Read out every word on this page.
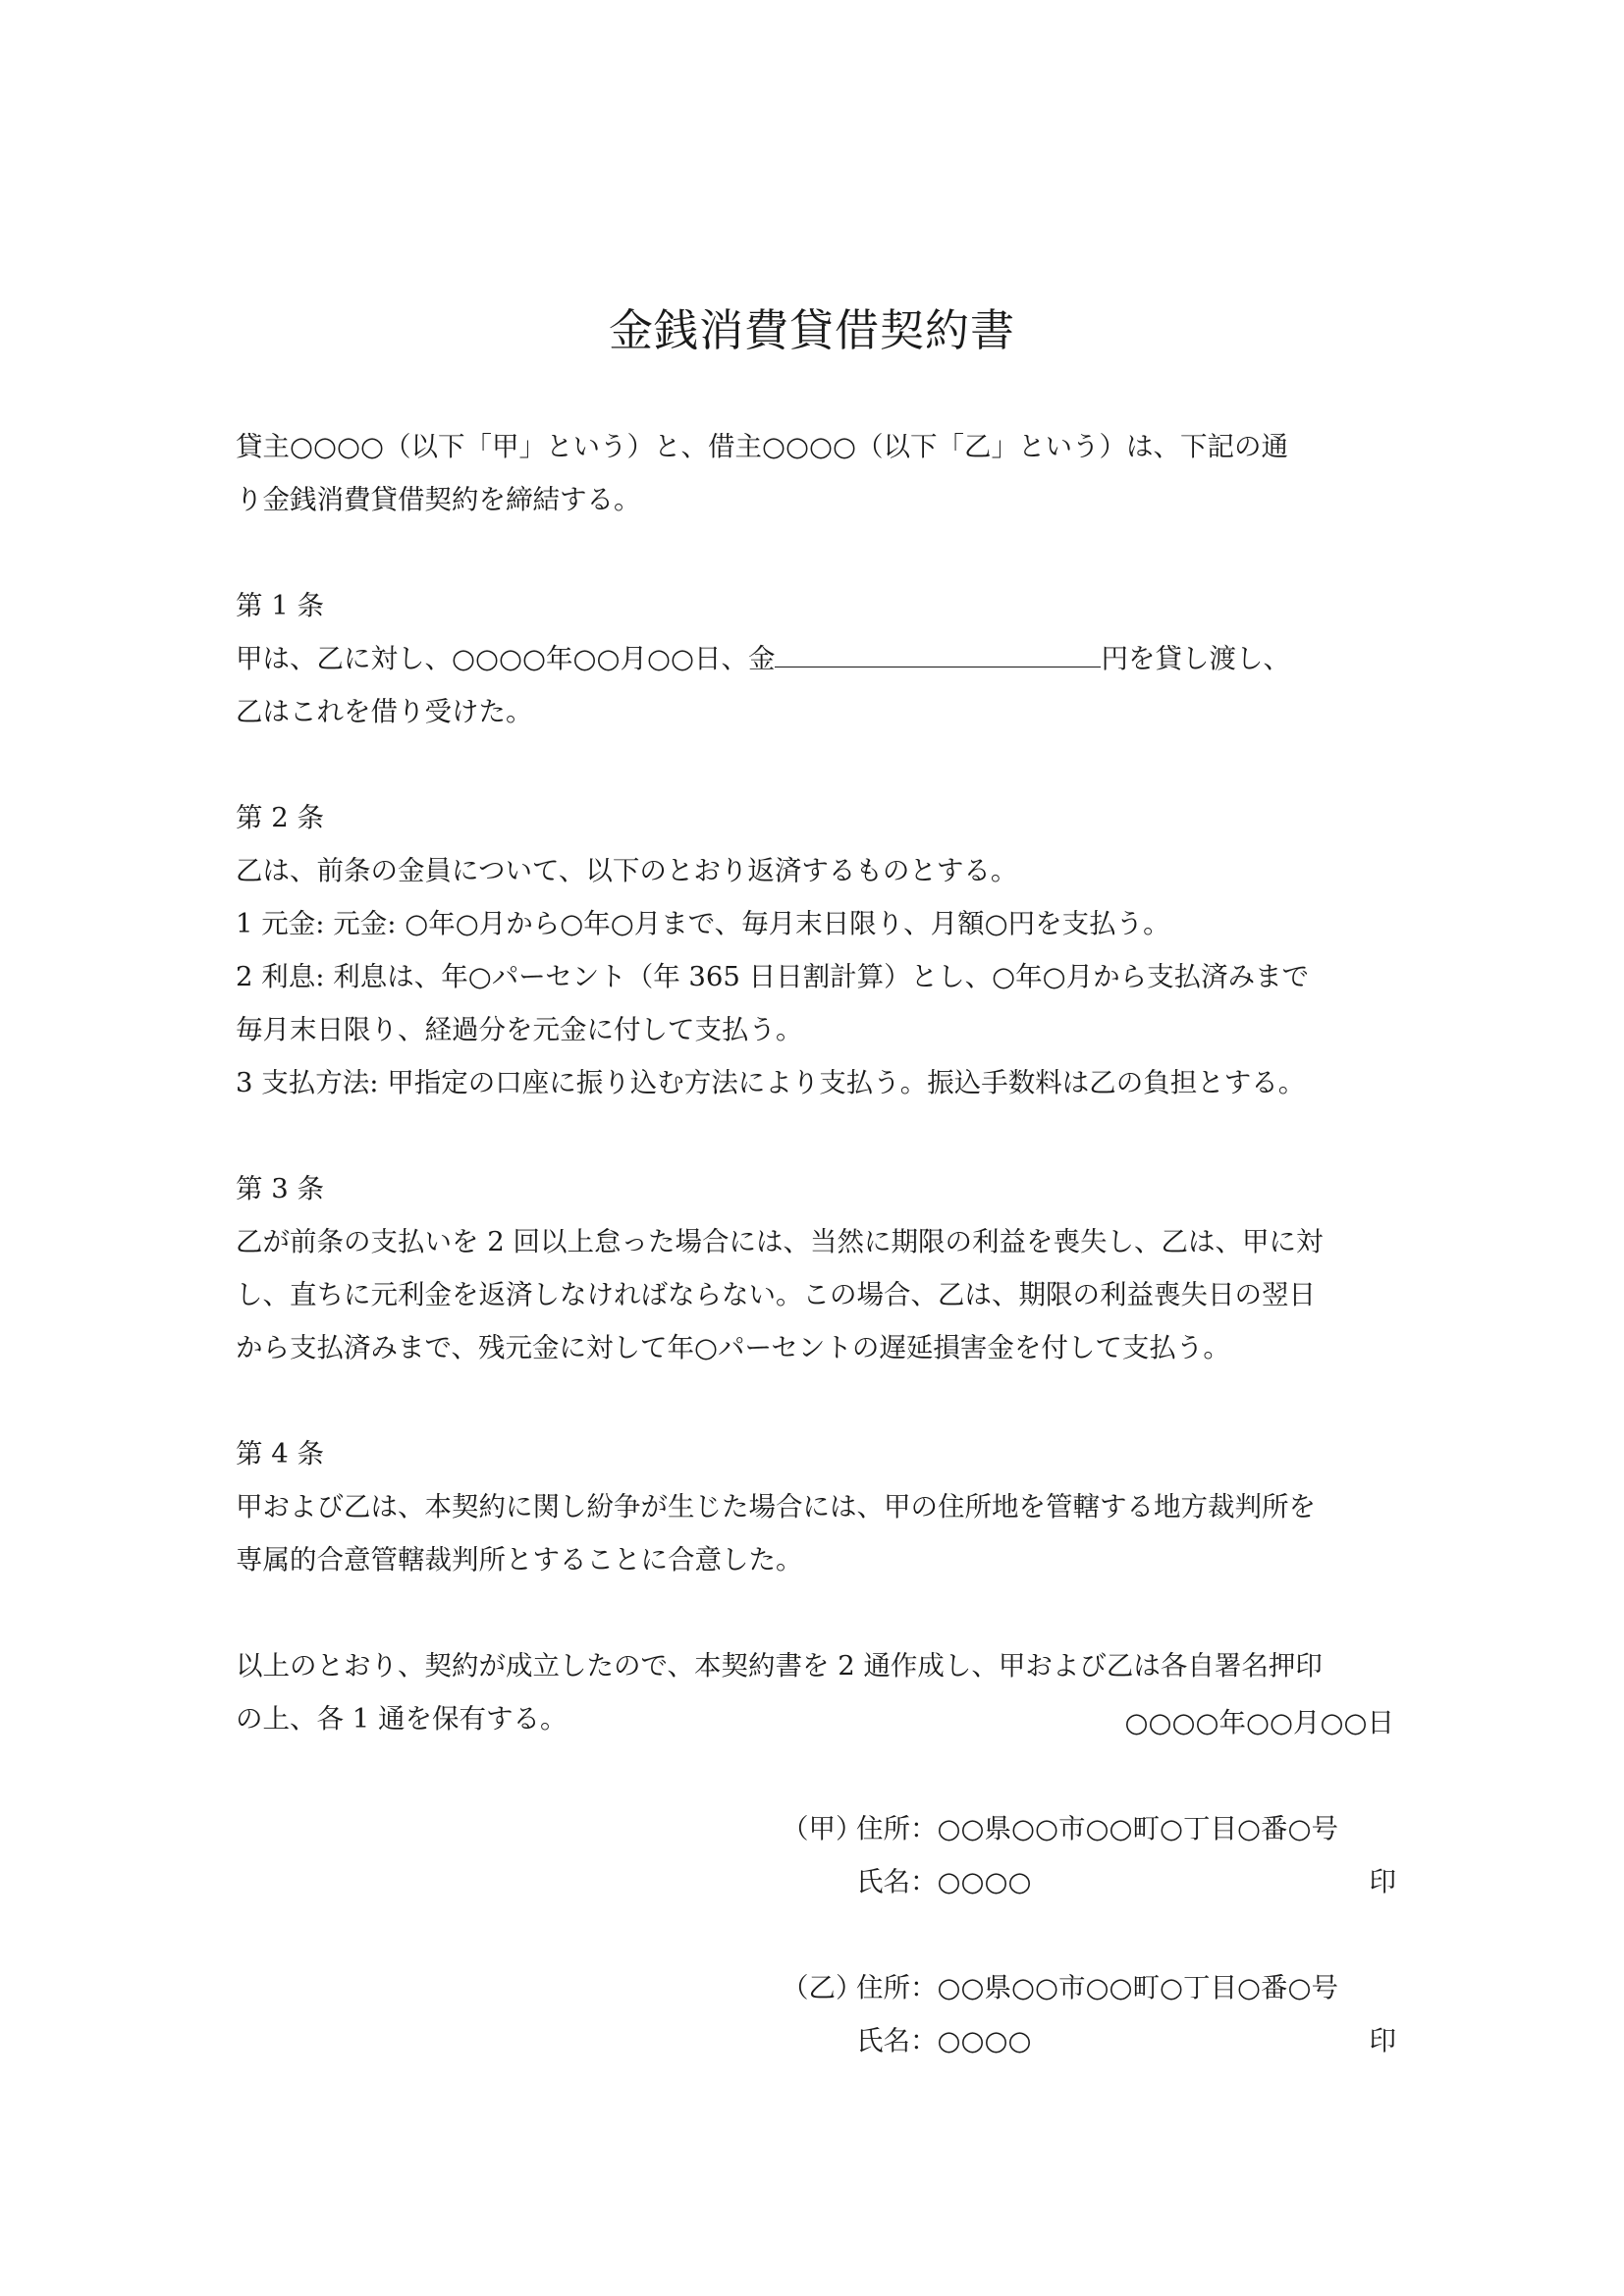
金銭消費貸借契約書
貸主○○○○（以下「甲」という）と、借主○○○○（以下「乙」という）は、下記の通
り金銭消費貸借契約を締結する。
第 1 条
甲は、乙に対し、○○○○年○○月○○日、金	円を貸し渡し、
乙はこれを借り受けた。
第 2 条
乙は、前条の金員について、以下のとおり返済するものとする。
1 元金: 元金: ○年○月から○年○月まで、毎月末日限り、月額○円を支払う。
2 利息: 利息は、年○パーセント（年 365 日日割計算）とし、○年○月から支払済みまで
毎月末日限り、経過分を元金に付して支払う。
3 支払方法: 甲指定の口座に振り込む方法により支払う。振込手数料は乙の負担とする。
第 3 条
乙が前条の支払いを 2 回以上怠った場合には、当然に期限の利益を喪失し、乙は、甲に対
し、直ちに元利金を返済しなければならない。この場合、乙は、期限の利益喪失日の翌日
から支払済みまで、残元金に対して年○パーセントの遅延損害金を付して支払う。
第 4 条
甲および乙は、本契約に関し紛争が生じた場合には、甲の住所地を管轄する地方裁判所を
専属的合意管轄裁判所とすることに合意した。
以上のとおり、契約が成立したので、本契約書を 2 通作成し、甲および乙は各自署名押印
の上、各 1 通を保有する。	○○○○年○○月○○日
（甲）
住所：○○県○○市○○町○丁目○番○号
氏名：○○○○	印
（乙）
住所：○○県○○市○○町○丁目○番○号
氏名：○○○○	印
